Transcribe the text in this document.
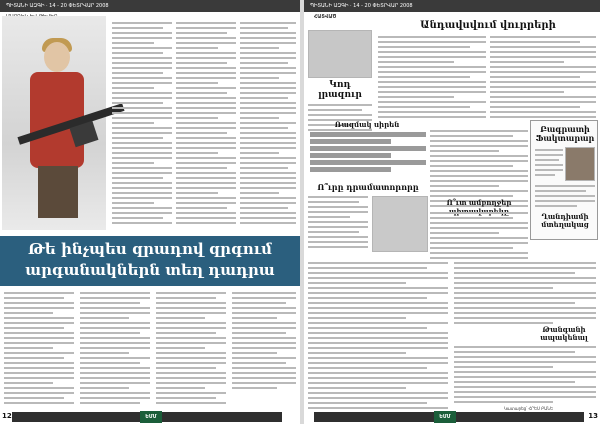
ՊԻՏԱՆԻ ԱԶԳԻ · 14 - 20 ՓԵՏՐՎԱՐ 2008
Թե ինչպես զրադով զրգում արգանակներն տեղ դադրա
12	ԵՄՄ
ՊԻՏԱՆԻ ԱԶԳԻ · 14 - 20 ՓԵՏՐՎԱՐ 2008
ՀԱՏՎԱԾ
Կոդ լրազուր
Անդավսվում վուրրերի
Ռազմակ սիրեն	Բագրատի Ֆակտարար
Ղանդիամի մտեղակաց
Ո՞ւրը դրամատորորը
Ո՞ւտ ամբողջեր
Թանգանի ապակենալ
Կատարեց՝ ՀՐԵՍ ԲԱՆԵ
ԵՄՄ	13
